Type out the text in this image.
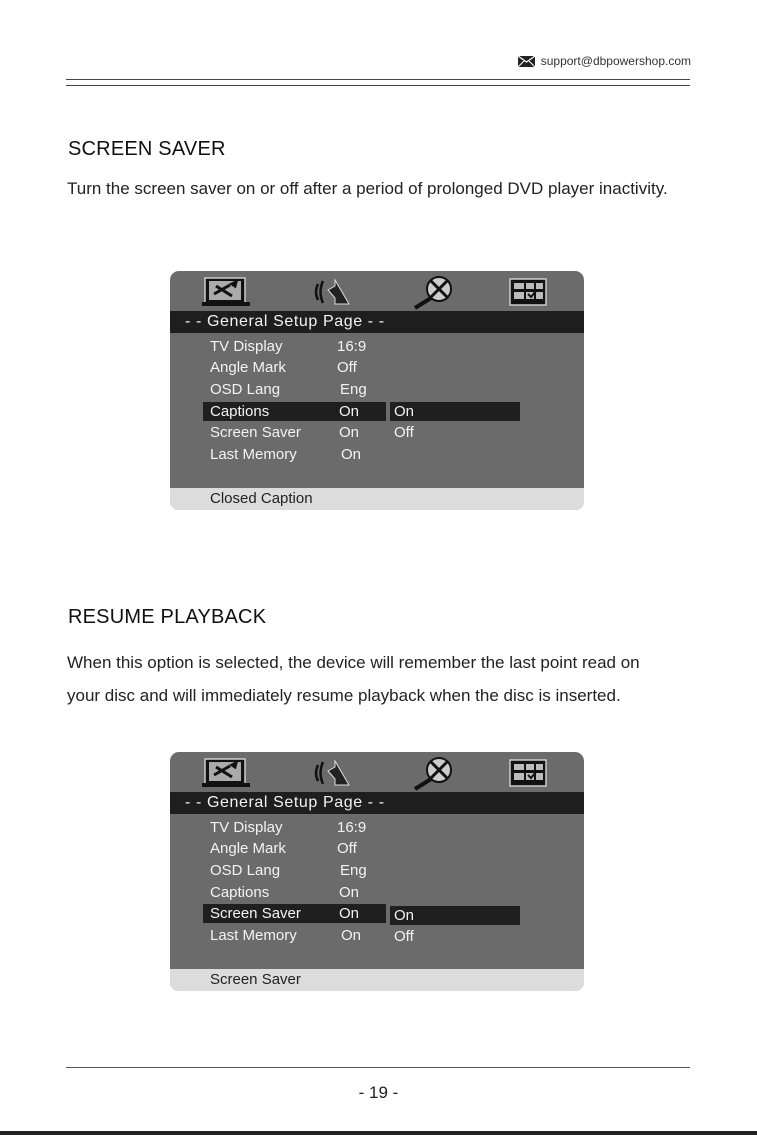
support@dbpowershop.com
SCREEN SAVER
Turn the screen saver on or off after a period of prolonged DVD player inactivity.
- - General Setup Page - -
TV Display	16:9
Angle Mark	Off
OSD Lang	Eng
Captions	On
Screen Saver	On
Last Memory	On
On
Off
Closed Caption
RESUME PLAYBACK
When this option is selected, the device will remember the last point read on
your disc and will immediately resume playback when the disc is inserted.
- - General Setup Page - -
TV Display	16:9
Angle Mark	Off
OSD Lang	Eng
Captions	On
Screen Saver	On
Last Memory	On
On
Off
Screen Saver
- 19 -
